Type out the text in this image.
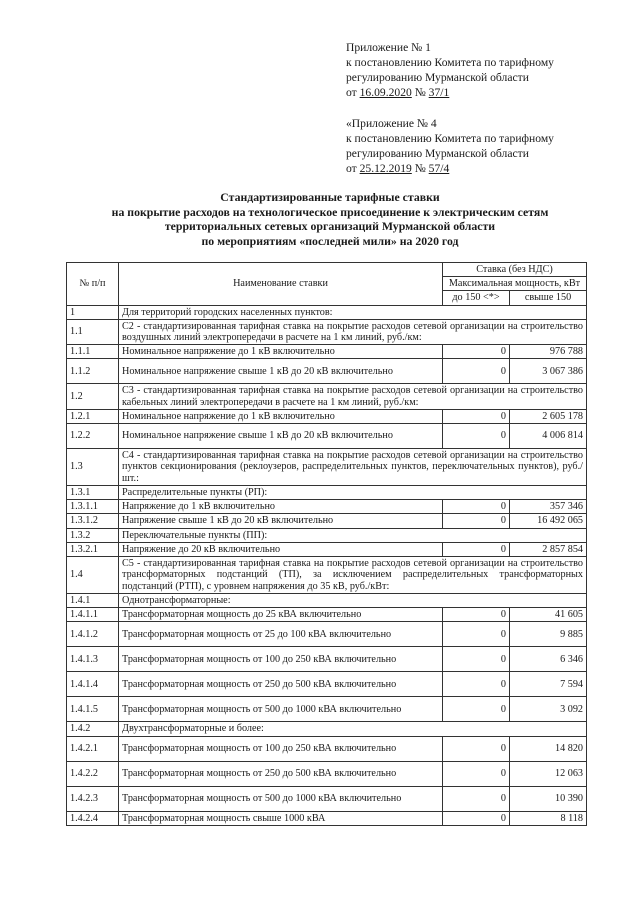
Приложение № 1
к постановлению Комитета по тарифному
регулированию Мурманской области
от 16.09.2020 № 37/1
«Приложение № 4
к постановлению Комитета по тарифному
регулированию Мурманской области
от 25.12.2019 № 57/4
Стандартизированные тарифные ставки
на покрытие расходов на технологическое присоединение к электрическим сетям
территориальных сетевых организаций Мурманской области
по мероприятиям «последней мили» на 2020 год
№ п/п	Наименование ставки	Ставка (без НДС)	
		Максимальная мощность, кВт	
		до 150 <*>	свыше 150
1	Для территорий городских населенных пунктов:		
1.1	С2 - стандартизированная тарифная ставка на покрытие расходов сетевой организации на строительство воздушных линий электропередачи в расчете на 1 км линий, руб./км:		
1.1.1	Номинальное напряжение до 1 кВ включительно	0	976 788
1.1.2	Номинальное напряжение свыше 1 кВ до 20 кВ включительно	0	3 067 386
1.2	С3 - стандартизированная тарифная ставка на покрытие расходов сетевой организации на строительство кабельных линий электропередачи в расчете на 1 км линий, руб./км:		
1.2.1	Номинальное напряжение до 1 кВ включительно	0	2 605 178
1.2.2	Номинальное напряжение свыше 1 кВ до 20 кВ включительно	0	4 006 814
1.3	С4 - стандартизированная тарифная ставка на покрытие расходов сетевой организации на строительство пунктов секционирования (реклоузеров, распределительных пунктов, переключательных пунктов), руб./шт.:		
1.3.1	Распределительные пункты (РП):		
1.3.1.1	Напряжение до 1 кВ включительно	0	357 346
1.3.1.2	Напряжение свыше 1 кВ до 20 кВ включительно	0	16 492 065
1.3.2	Переключательные пункты (ПП):		
1.3.2.1	Напряжение до 20 кВ включительно	0	2 857 854
1.4	С5 - стандартизированная тарифная ставка на покрытие расходов сетевой организации на строительство трансформаторных подстанций (ТП), за исключением распределительных трансформаторных подстанций (РТП), с уровнем напряжения до 35 кВ, руб./кВт:		
1.4.1	Однотрансформаторные:		
1.4.1.1	Трансформаторная мощность до 25 кВА включительно	0	41 605
1.4.1.2	Трансформаторная мощность от 25 до 100 кВА включительно	0	9 885
1.4.1.3	Трансформаторная мощность от 100 до 250 кВА включительно	0	6 346
1.4.1.4	Трансформаторная мощность от 250 до 500 кВА включительно	0	7 594
1.4.1.5	Трансформаторная мощность от 500 до 1000 кВА включительно	0	3 092
1.4.2	Двухтрансформаторные и более:		
1.4.2.1	Трансформаторная мощность от 100 до 250 кВА включительно	0	14 820
1.4.2.2	Трансформаторная мощность от 250 до 500 кВА включительно	0	12 063
1.4.2.3	Трансформаторная мощность от 500 до 1000 кВА включительно	0	10 390
1.4.2.4	Трансформаторная мощность свыше 1000 кВА	0	8 118
